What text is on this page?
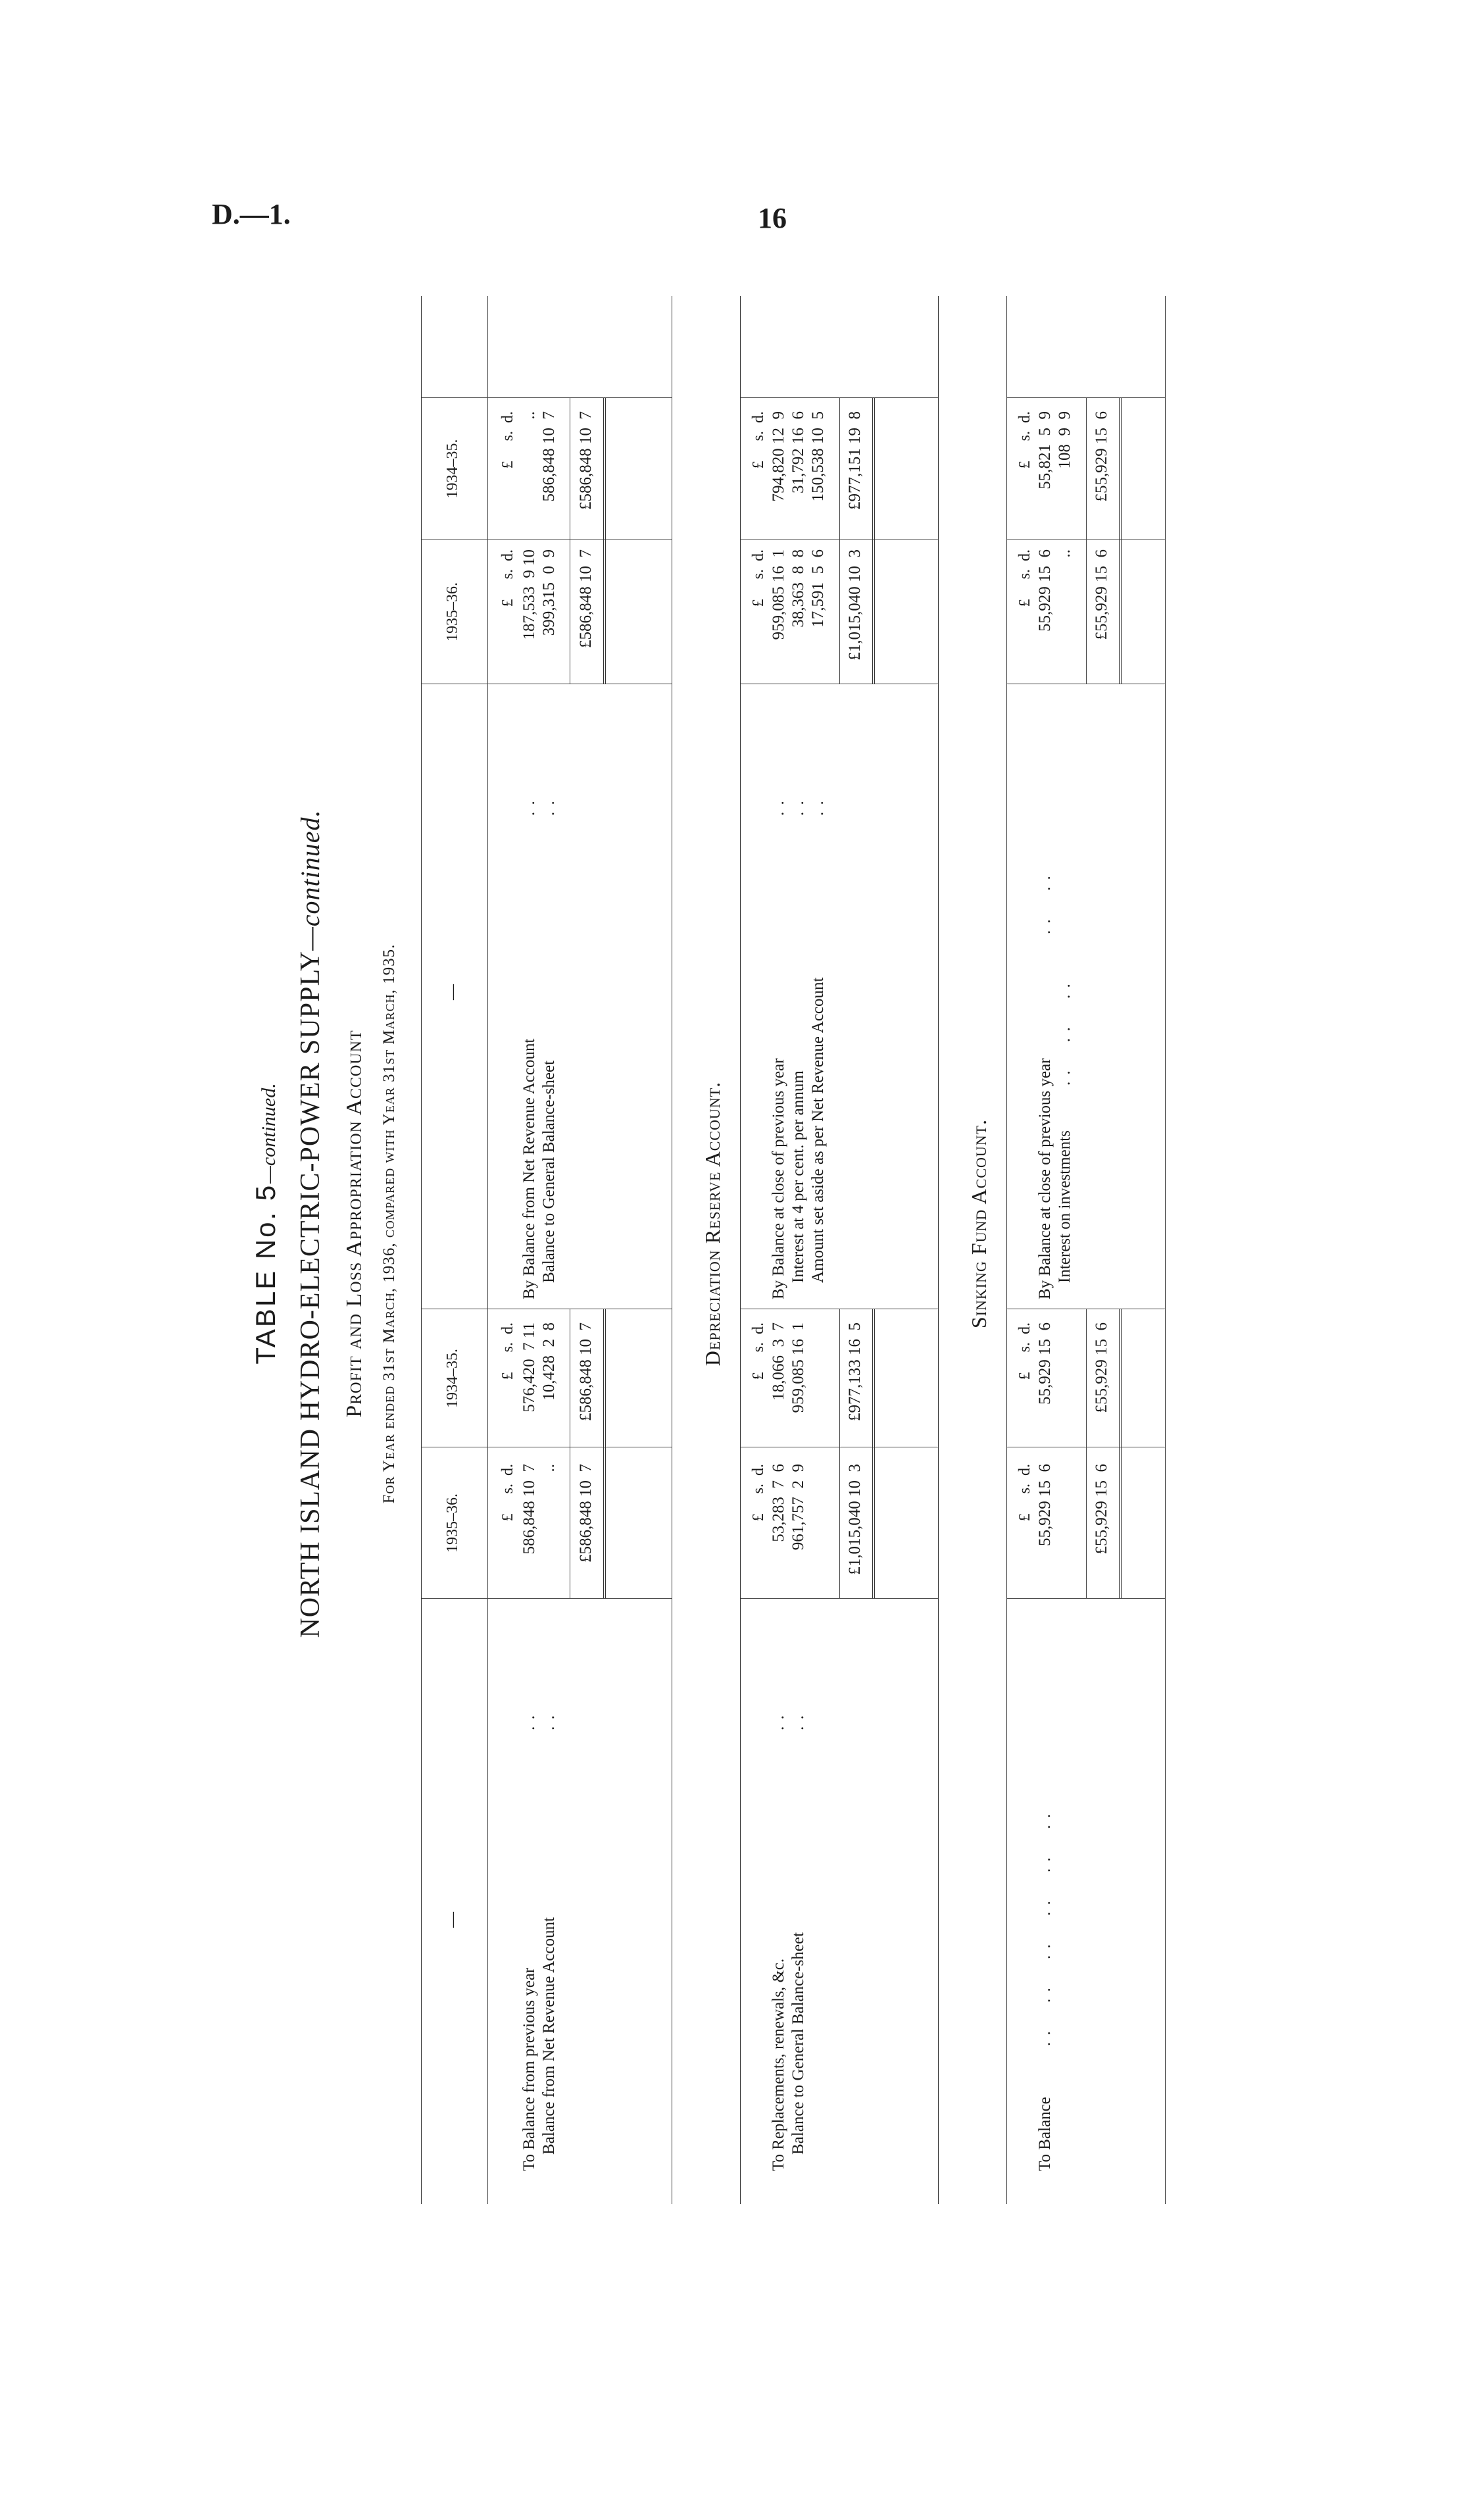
D.—1.	16
TABLE No. 5—continued. NORTH ISLAND HYDRO-ELECTRIC-POWER SUPPLY—continued.
Profit and Loss Appropriation Account For Year ended 31st March, 1936, compared with Year 31st March, 1935.
—
1935–36.
1934–35.
—
1935–36.
1934–35.
£     s.  d.
£     s.  d.
£     s.  d.
£     s.  d.
To Balance from previous year
. .
586,848 10  7
576,420  7 11
Balance from Net Revenue Account
. .
..
10,428  2  8
By Balance from Net Revenue Account
. .
187,533  9 10
..
Balance to General Balance-sheet
. .
399,315  0  9
586,848 10  7
£586,848 10  7
£586,848 10  7
£586,848 10  7
£586,848 10  7
Depreciation Reserve Account.
£     s.  d.
£     s.  d.
£     s.  d.
£     s.  d.
To Replacements, renewals, &c.
. .
53,283  7  6
18,066  3  7
Balance to General Balance-sheet
. .
961,757  2  9
959,085 16  1
By Balance at close of previous year
. .
959,085 16  1
794,820 12  9
Interest at 4 per cent. per annum
. .
38,363  8  8
31,792 16  6
Amount set aside as per Net Revenue Account
. .
17,591  5  6
150,538 10  5
£1,015,040 10  3
£977,133 16  5
£1,015,040 10  3
£977,151 19  8
Sinking Fund Account.
£     s.  d.
£     s.  d.
£     s.  d.
£     s.  d.
To Balance
. .     . .     . .     . .     . .     . .
55,929 15  6
55,929 15  6
By Balance at close of previous year
. .     . .
55,929 15  6
55,821  5  9
Interest on investments
. .     . .     . .
..
108  9  9
£55,929 15  6
£55,929 15  6
£55,929 15  6
£55,929 15  6
